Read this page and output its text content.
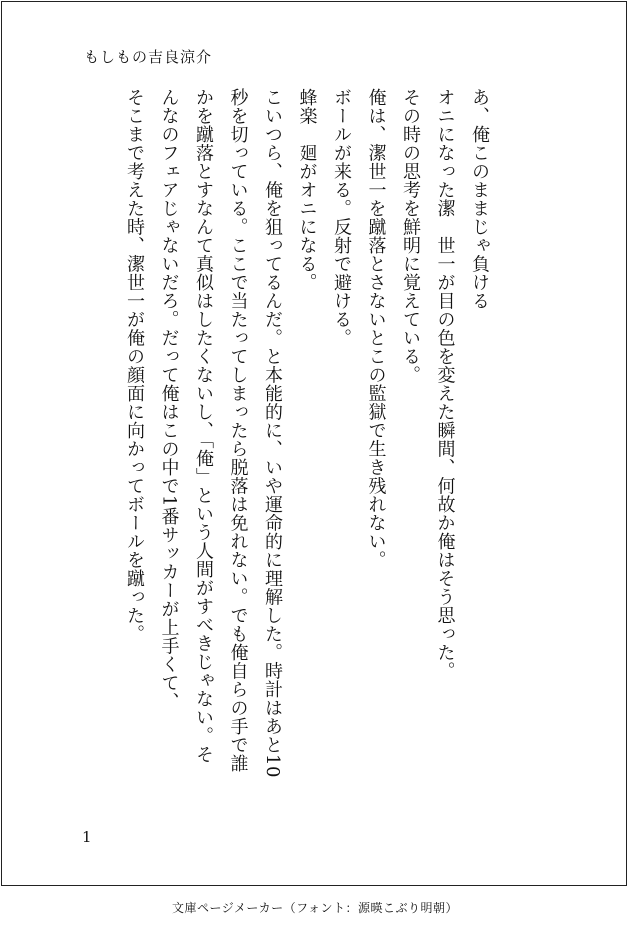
もしもの吉良涼介

あ、俺このままじゃ負ける

オニになった潔　世一が目の色を変えた瞬間、何故か俺はそう思った。

その時の思考を鮮明に覚えている。

俺は、潔世一を蹴落とさないとこの監獄で生き残れない。

ボールが来る。反射で避ける。

蜂楽　廻がオニになる。

こいつら、俺を狙ってるんだ。と本能的に、いや運命的に理解した。時計はあと10秒を切っている。ここで当たってしまったら脱落は免れない。でも俺自らの手で誰かを蹴落とすなんて真似はしたくないし、「俺」という人間がすべきじゃない。そんなのフェアじゃないだろ。だって俺はこの中で1番サッカーが上手くて、

そこまで考えた時、潔世一が俺の顔面に向かってボールを蹴った。

1
文庫ページメーカー（フォント：源暎こぶり明朝）
